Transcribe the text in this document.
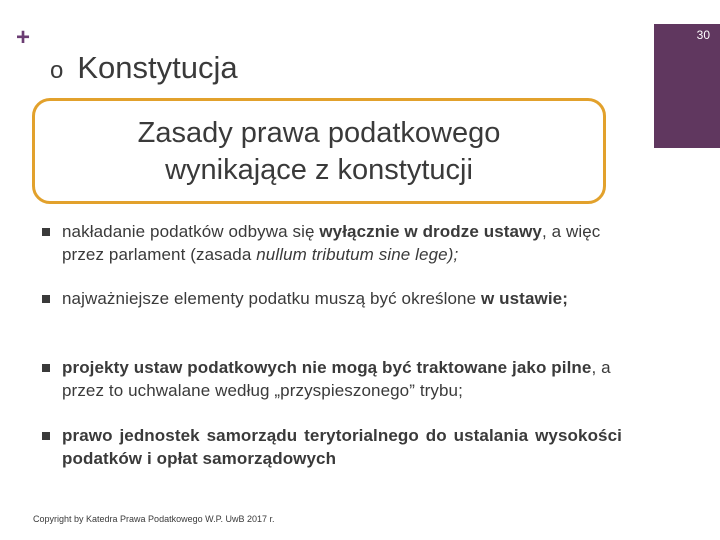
+	30
o Konstytucja
Zasady prawa podatkowego
wynikające z konstytucji
nakładanie podatków odbywa się wyłącznie w drodze ustawy, a więc przez parlament (zasada nullum tributum sine lege);
najważniejsze elementy podatku muszą być określone w ustawie;
projekty ustaw podatkowych nie mogą być traktowane jako pilne, a przez to uchwalane według „przyspieszonego” trybu;
prawo jednostek samorządu terytorialnego do ustalania wysokości podatków i opłat samorządowych
Copyright by Katedra Prawa Podatkowego W.P. UwB 2017 r.
